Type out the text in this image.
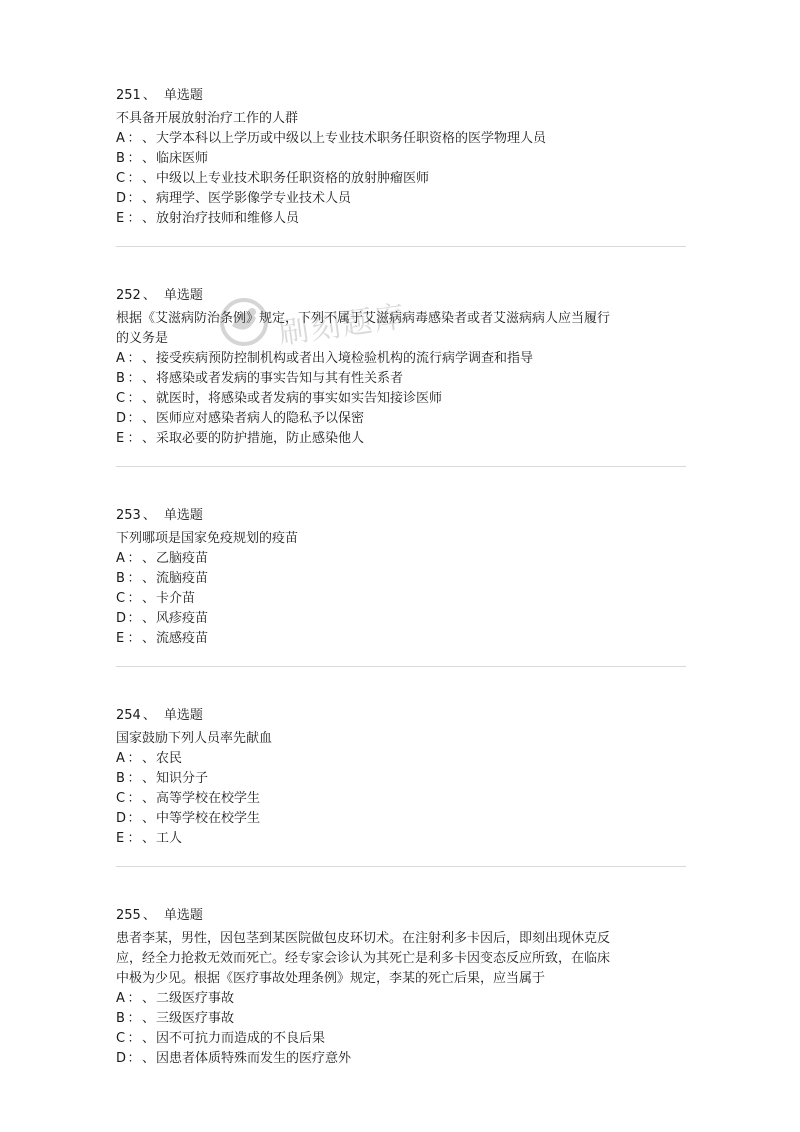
251 、 单选题
不具备开展放射治疗工作的人群
A ： 、大学本科以上学历或中级以上专业技术职务任职资格的医学物理人员
B ： 、临床医师
C ： 、中级以上专业技术职务任职资格的放射肿瘤医师
D： 、病理学、医学影像学专业技术人员
E ： 、放射治疗技师和维修人员
252 、 单选题
根据《艾滋病防治条例》规定，下列不属于艾滋病病毒感染者或者艾滋病病人应当履行
的义务是
A ： 、接受疾病预防控制机构或者出入境检验机构的流行病学调查和指导
B ： 、将感染或者发病的事实告知与其有性关系者
C ： 、就医时，将感染或者发病的事实如实告知接诊医师
D： 、医师应对感染者病人的隐私予以保密
E ： 、采取必要的防护措施，防止感染他人
253 、 单选题
下列哪项是国家免疫规划的疫苗
A ： 、乙脑疫苗
B ： 、流脑疫苗
C ： 、卡介苗
D： 、风疹疫苗
E ： 、流感疫苗
254 、 单选题
国家鼓励下列人员率先献血
A ： 、农民
B ： 、知识分子
C ： 、高等学校在校学生
D： 、中等学校在校学生
E ： 、工人
255 、 单选题
患者李某，男性，因包茎到某医院做包皮环切术。在注射利多卡因后，即刻出现休克反
应，经全力抢救无效而死亡。经专家会诊认为其死亡是利多卡因变态反应所致，在临床
中极为少见。根据《医疗事故处理条例》规定，李某的死亡后果，应当属于
A ： 、二级医疗事故
B ： 、三级医疗事故
C ： 、因不可抗力而造成的不良后果
D： 、因患者体质特殊而发生的医疗意外
刷刻题库
